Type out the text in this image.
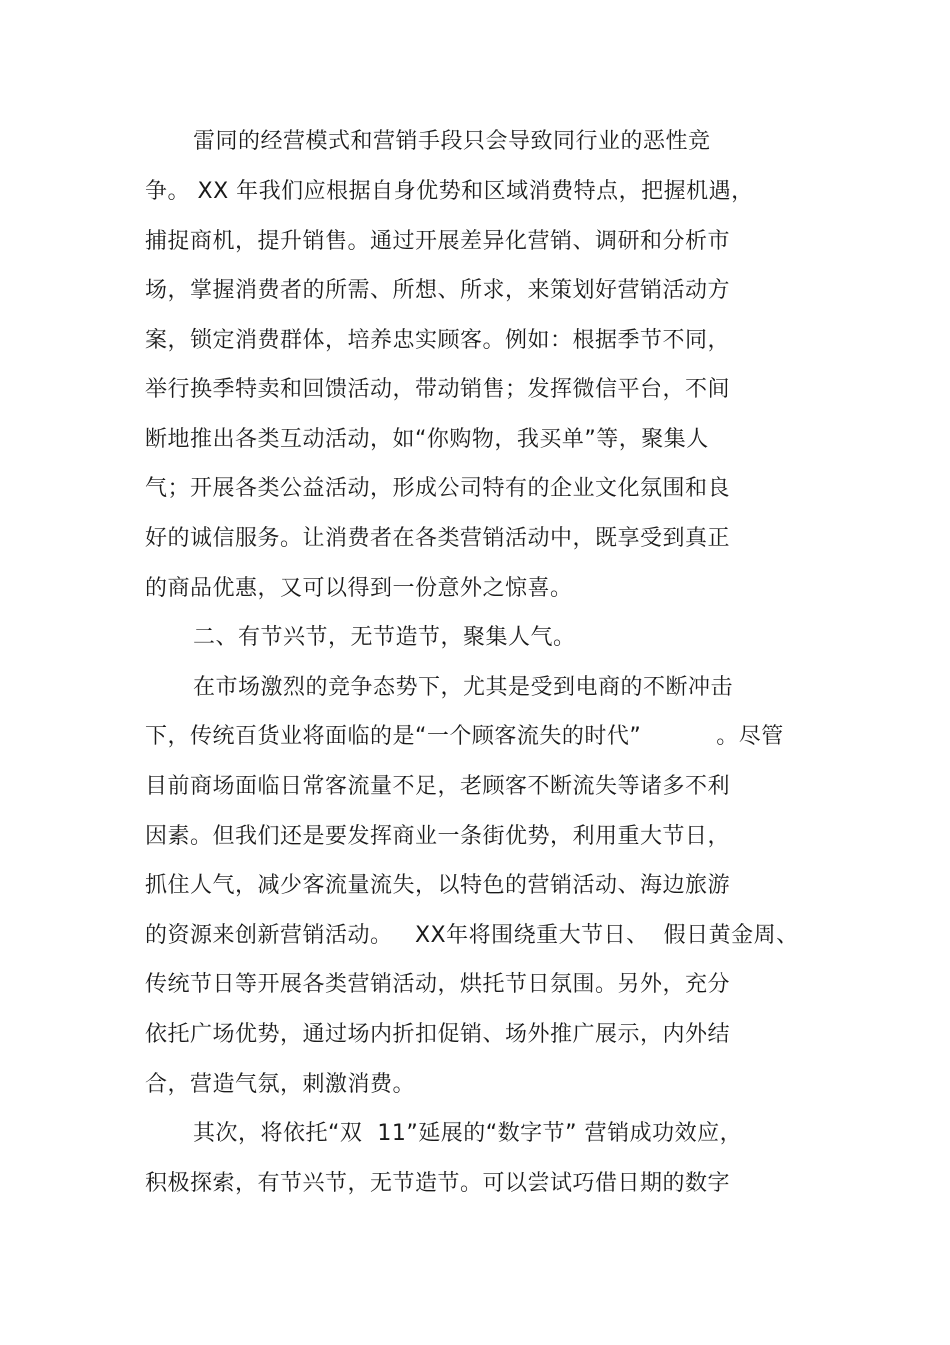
雷同的经营模式和营销手段只会导致同行业的恶性竞
争。 XX 年我们应根据自身优势和区域消费特点，把握机遇，
捕捉商机，提升销售。通过开展差异化营销、调研和分析市
场，掌握消费者的所需、所想、所求，来策划好营销活动方
案，锁定消费群体，培养忠实顾客。例如：根据季节不同，
举行换季特卖和回馈活动，带动销售；发挥微信平台，不间
断地推出各类互动活动，如“你购物，我买单”等，聚集人
气；开展各类公益活动，形成公司特有的企业文化氛围和良
好的诚信服务。让消费者在各类营销活动中，既享受到真正
的商品优惠，又可以得到一份意外之惊喜。
二、有节兴节，无节造节，聚集人气。
在市场激烈的竞争态势下，尤其是受到电商的不断冲击
下，传统百货业将面临的是“一个顾客流失的时代”          。尽管
目前商场面临日常客流量不足，老顾客不断流失等诸多不利
因素。但我们还是要发挥商业一条街优势，利用重大节日，
抓住人气，减少客流量流失，以特色的营销活动、海边旅游
的资源来创新营销活动。   XX年将围绕重大节日、  假日黄金周、
传统节日等开展各类营销活动，烘托节日氛围。另外，充分
依托广场优势，通过场内折扣促销、场外推广展示，内外结
合，营造气氛，刺激消费。
其次，将依托“双  11”延展的“数字节” 营销成功效应，
积极探索，有节兴节，无节造节。可以尝试巧借日期的数字
